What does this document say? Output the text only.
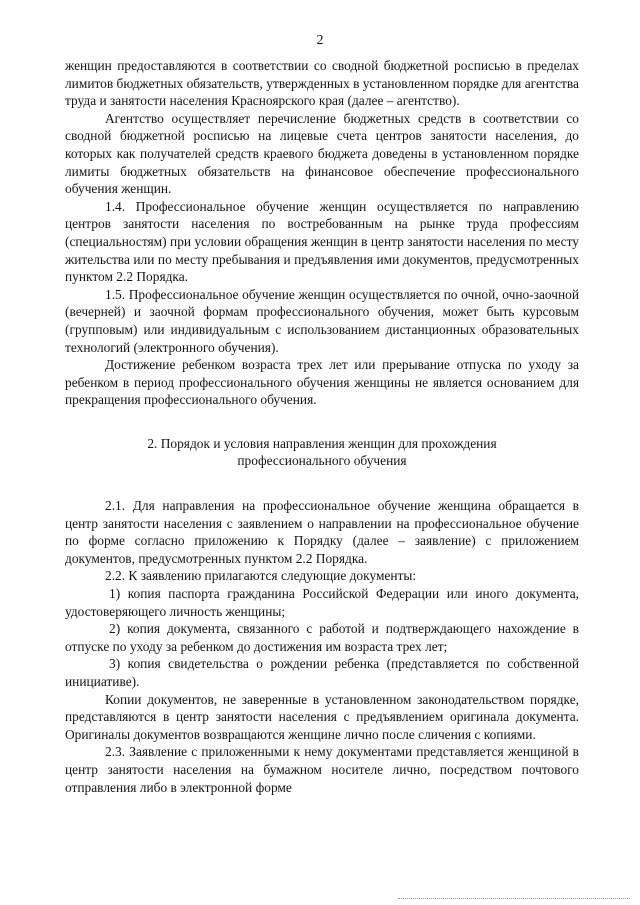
2

женщин предоставляются в соответствии со сводной бюджетной росписью в пределах лимитов бюджетных обязательств, утвержденных в установленном порядке для агентства труда и занятости населения Красноярского края (далее – агентство).

Агентство осуществляет перечисление бюджетных средств в соответствии со сводной бюджетной росписью на лицевые счета центров занятости населения, до которых как получателей средств краевого бюджета доведены в установленном порядке лимиты бюджетных обязательств на финансовое обеспечение профессионального обучения женщин.

1.4. Профессиональное обучение женщин осуществляется по направлению центров занятости населения по востребованным на рынке труда профессиям (специальностям) при условии обращения женщин в центр занятости населения по месту жительства или по месту пребывания и предъявления ими документов, предусмотренных пунктом 2.2 Порядка.

1.5. Профессиональное обучение женщин осуществляется по очной, очно-заочной (вечерней) и заочной формам профессионального обучения, может быть курсовым (групповым) или индивидуальным с использованием дистанционных образовательных технологий (электронного обучения).

Достижение ребенком возраста трех лет или прерывание отпуска по уходу за ребенком в период профессионального обучения женщины не является основанием для прекращения профессионального обучения.

2. Порядок и условия направления женщин для прохождения
профессионального обучения

2.1. Для направления на профессиональное обучение женщина обращается в центр занятости населения с заявлением о направлении на профессиональное обучение по форме согласно приложению к Порядку (далее – заявление) с приложением документов, предусмотренных пунктом 2.2 Порядка.

2.2. К заявлению прилагаются следующие документы:

1) копия паспорта гражданина Российской Федерации или иного документа, удостоверяющего личность женщины;

2) копия документа, связанного с работой и подтверждающего нахождение в отпуске по уходу за ребенком до достижения им возраста трех лет;

3) копия свидетельства о рождении ребенка (представляется по собственной инициативе).

Копии документов, не заверенные в установленном законодательством порядке, представляются в центр занятости населения с предъявлением оригинала документа. Оригиналы документов возвращаются женщине лично после сличения с копиями.

2.3. Заявление с приложенными к нему документами представляется женщиной в центр занятости населения на бумажном носителе лично, посредством почтового отправления либо в электронной форме
